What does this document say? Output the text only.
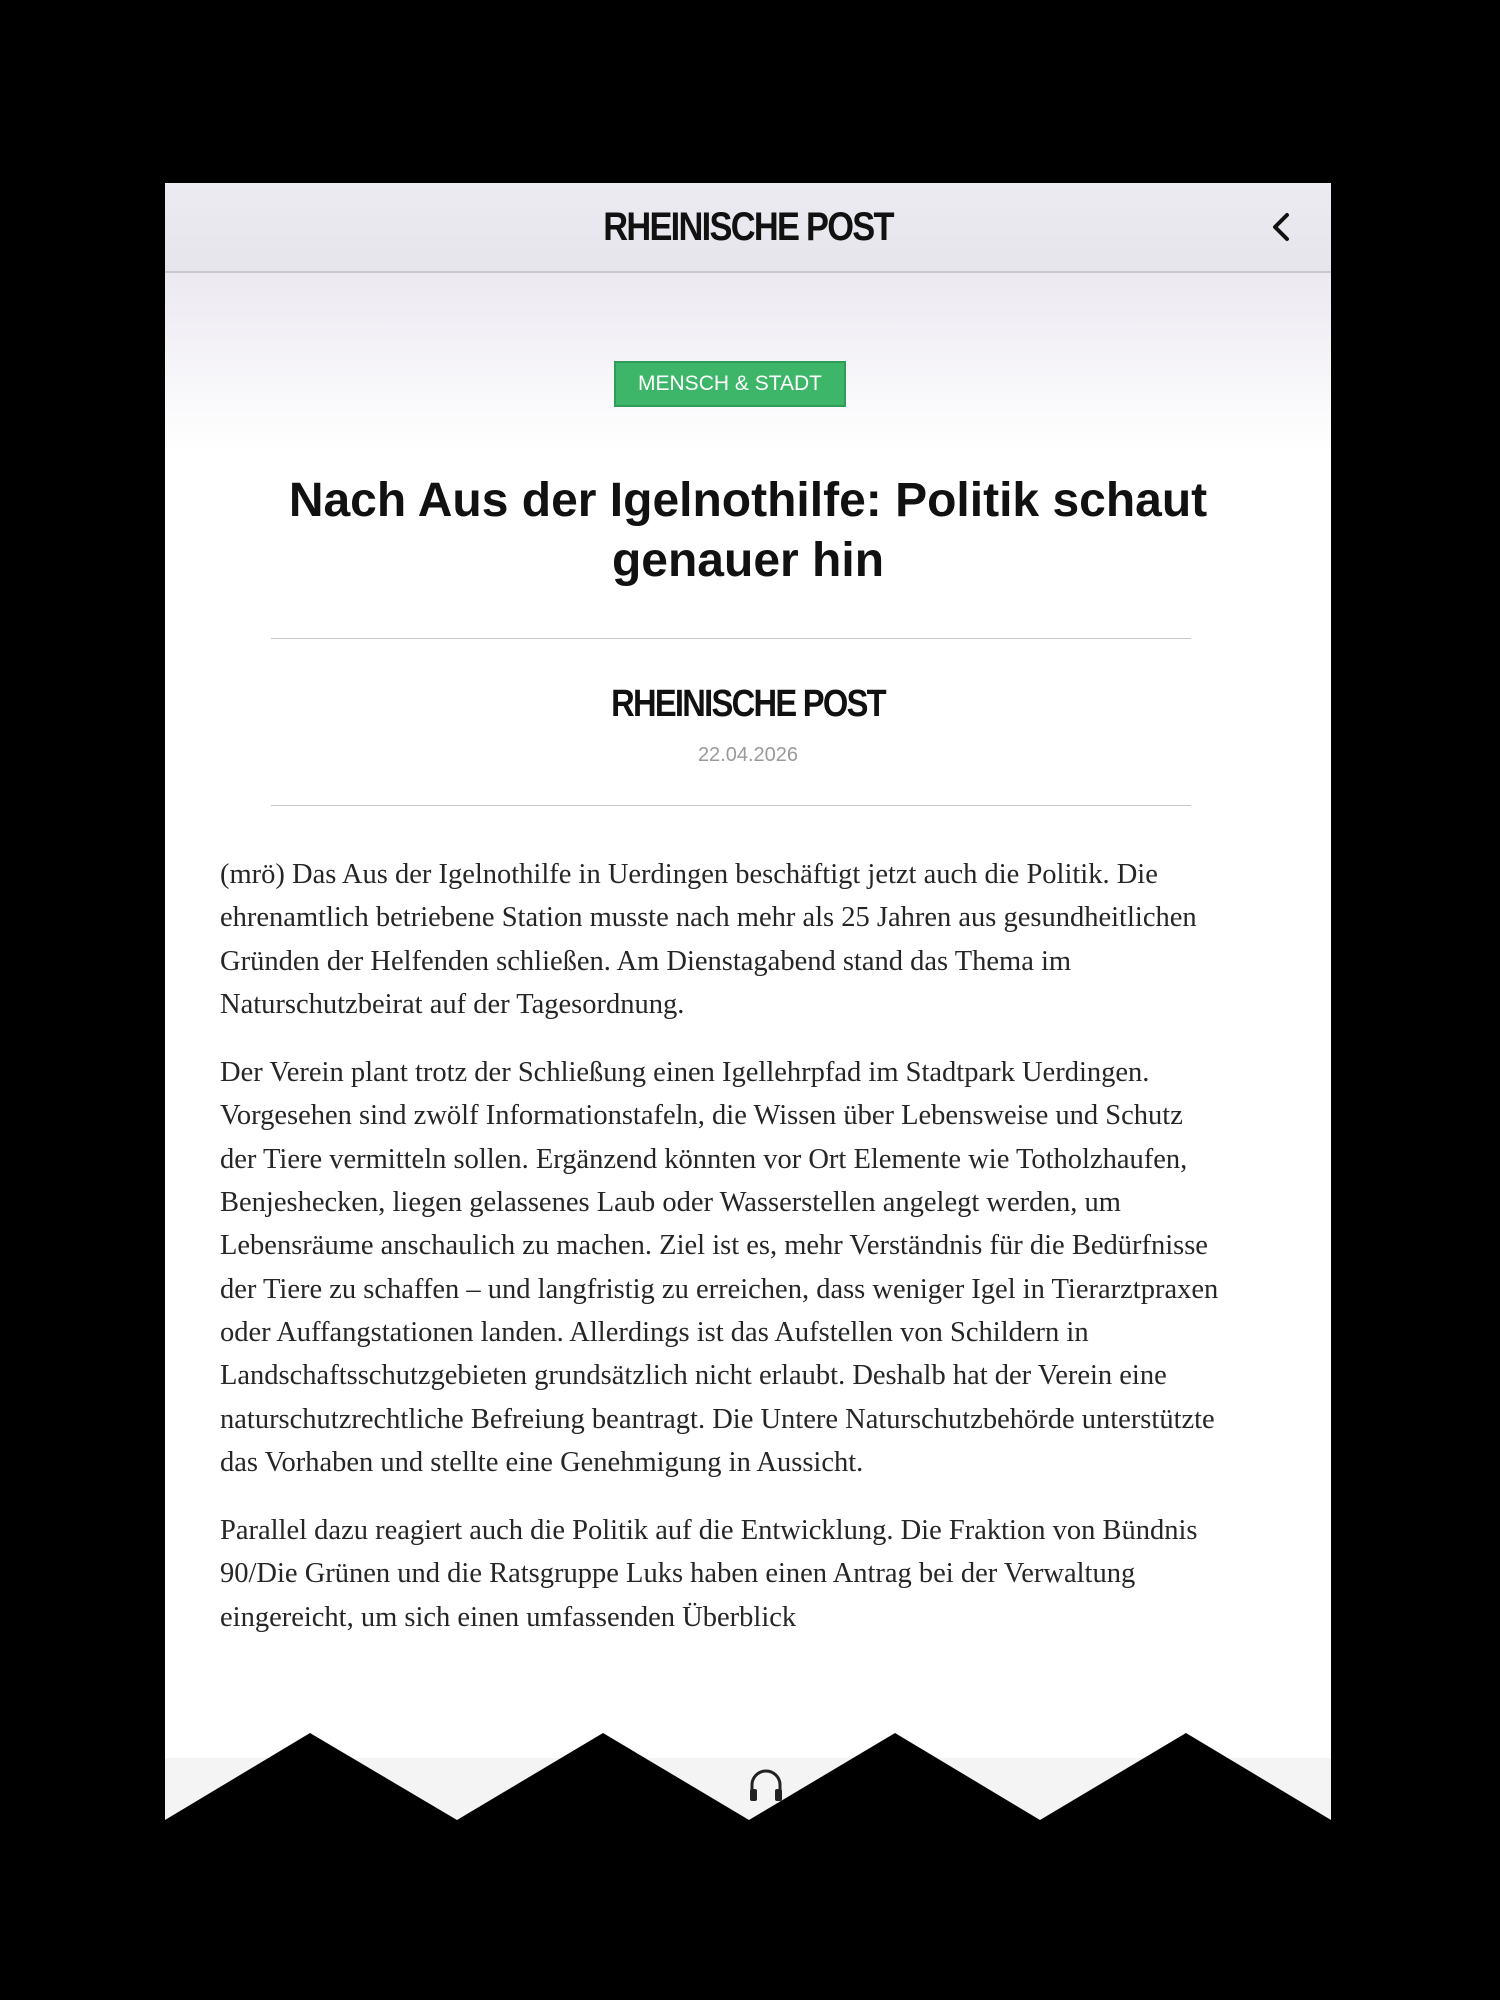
RHEINISCHE POST
MENSCH & STADT
Nach Aus der Igelnothilfe: Politik schaut genauer hin
RHEINISCHE POST
22.04.2026

(mrö) Das Aus der Igelnothilfe in Uerdingen beschäftigt jetzt auch die Politik. Die ehrenamtlich betriebene Station musste nach mehr als 25 Jahren aus gesundheitlichen Gründen der Helfenden schließen. Am Dienstagabend stand das Thema im Naturschutzbeirat auf der Tagesordnung.

Der Verein plant trotz der Schließung einen Igellehrpfad im Stadtpark Uerdingen. Vorgesehen sind zwölf Informationstafeln, die Wissen über Lebensweise und Schutz der Tiere vermitteln sollen. Ergänzend könnten vor Ort Elemente wie Totholzhaufen, Benjeshecken, liegen gelassenes Laub oder Wasserstellen angelegt werden, um Lebensräume anschaulich zu machen. Ziel ist es, mehr Verständnis für die Bedürfnisse der Tiere zu schaffen – und langfristig zu erreichen, dass weniger Igel in Tierarztpraxen oder Auffangstationen landen. Allerdings ist das Aufstellen von Schildern in Landschaftsschutzgebieten grundsätzlich nicht erlaubt. Deshalb hat der Verein eine naturschutzrechtliche Befreiung beantragt. Die Untere Naturschutzbehörde unterstützte das Vorhaben und stellte eine Genehmigung in Aussicht.

Parallel dazu reagiert auch die Politik auf die Entwicklung. Die Fraktion von Bündnis 90/Die Grünen und die Ratsgruppe Luks haben einen Antrag bei der Verwaltung eingereicht, um sich einen umfassenden Überblick
